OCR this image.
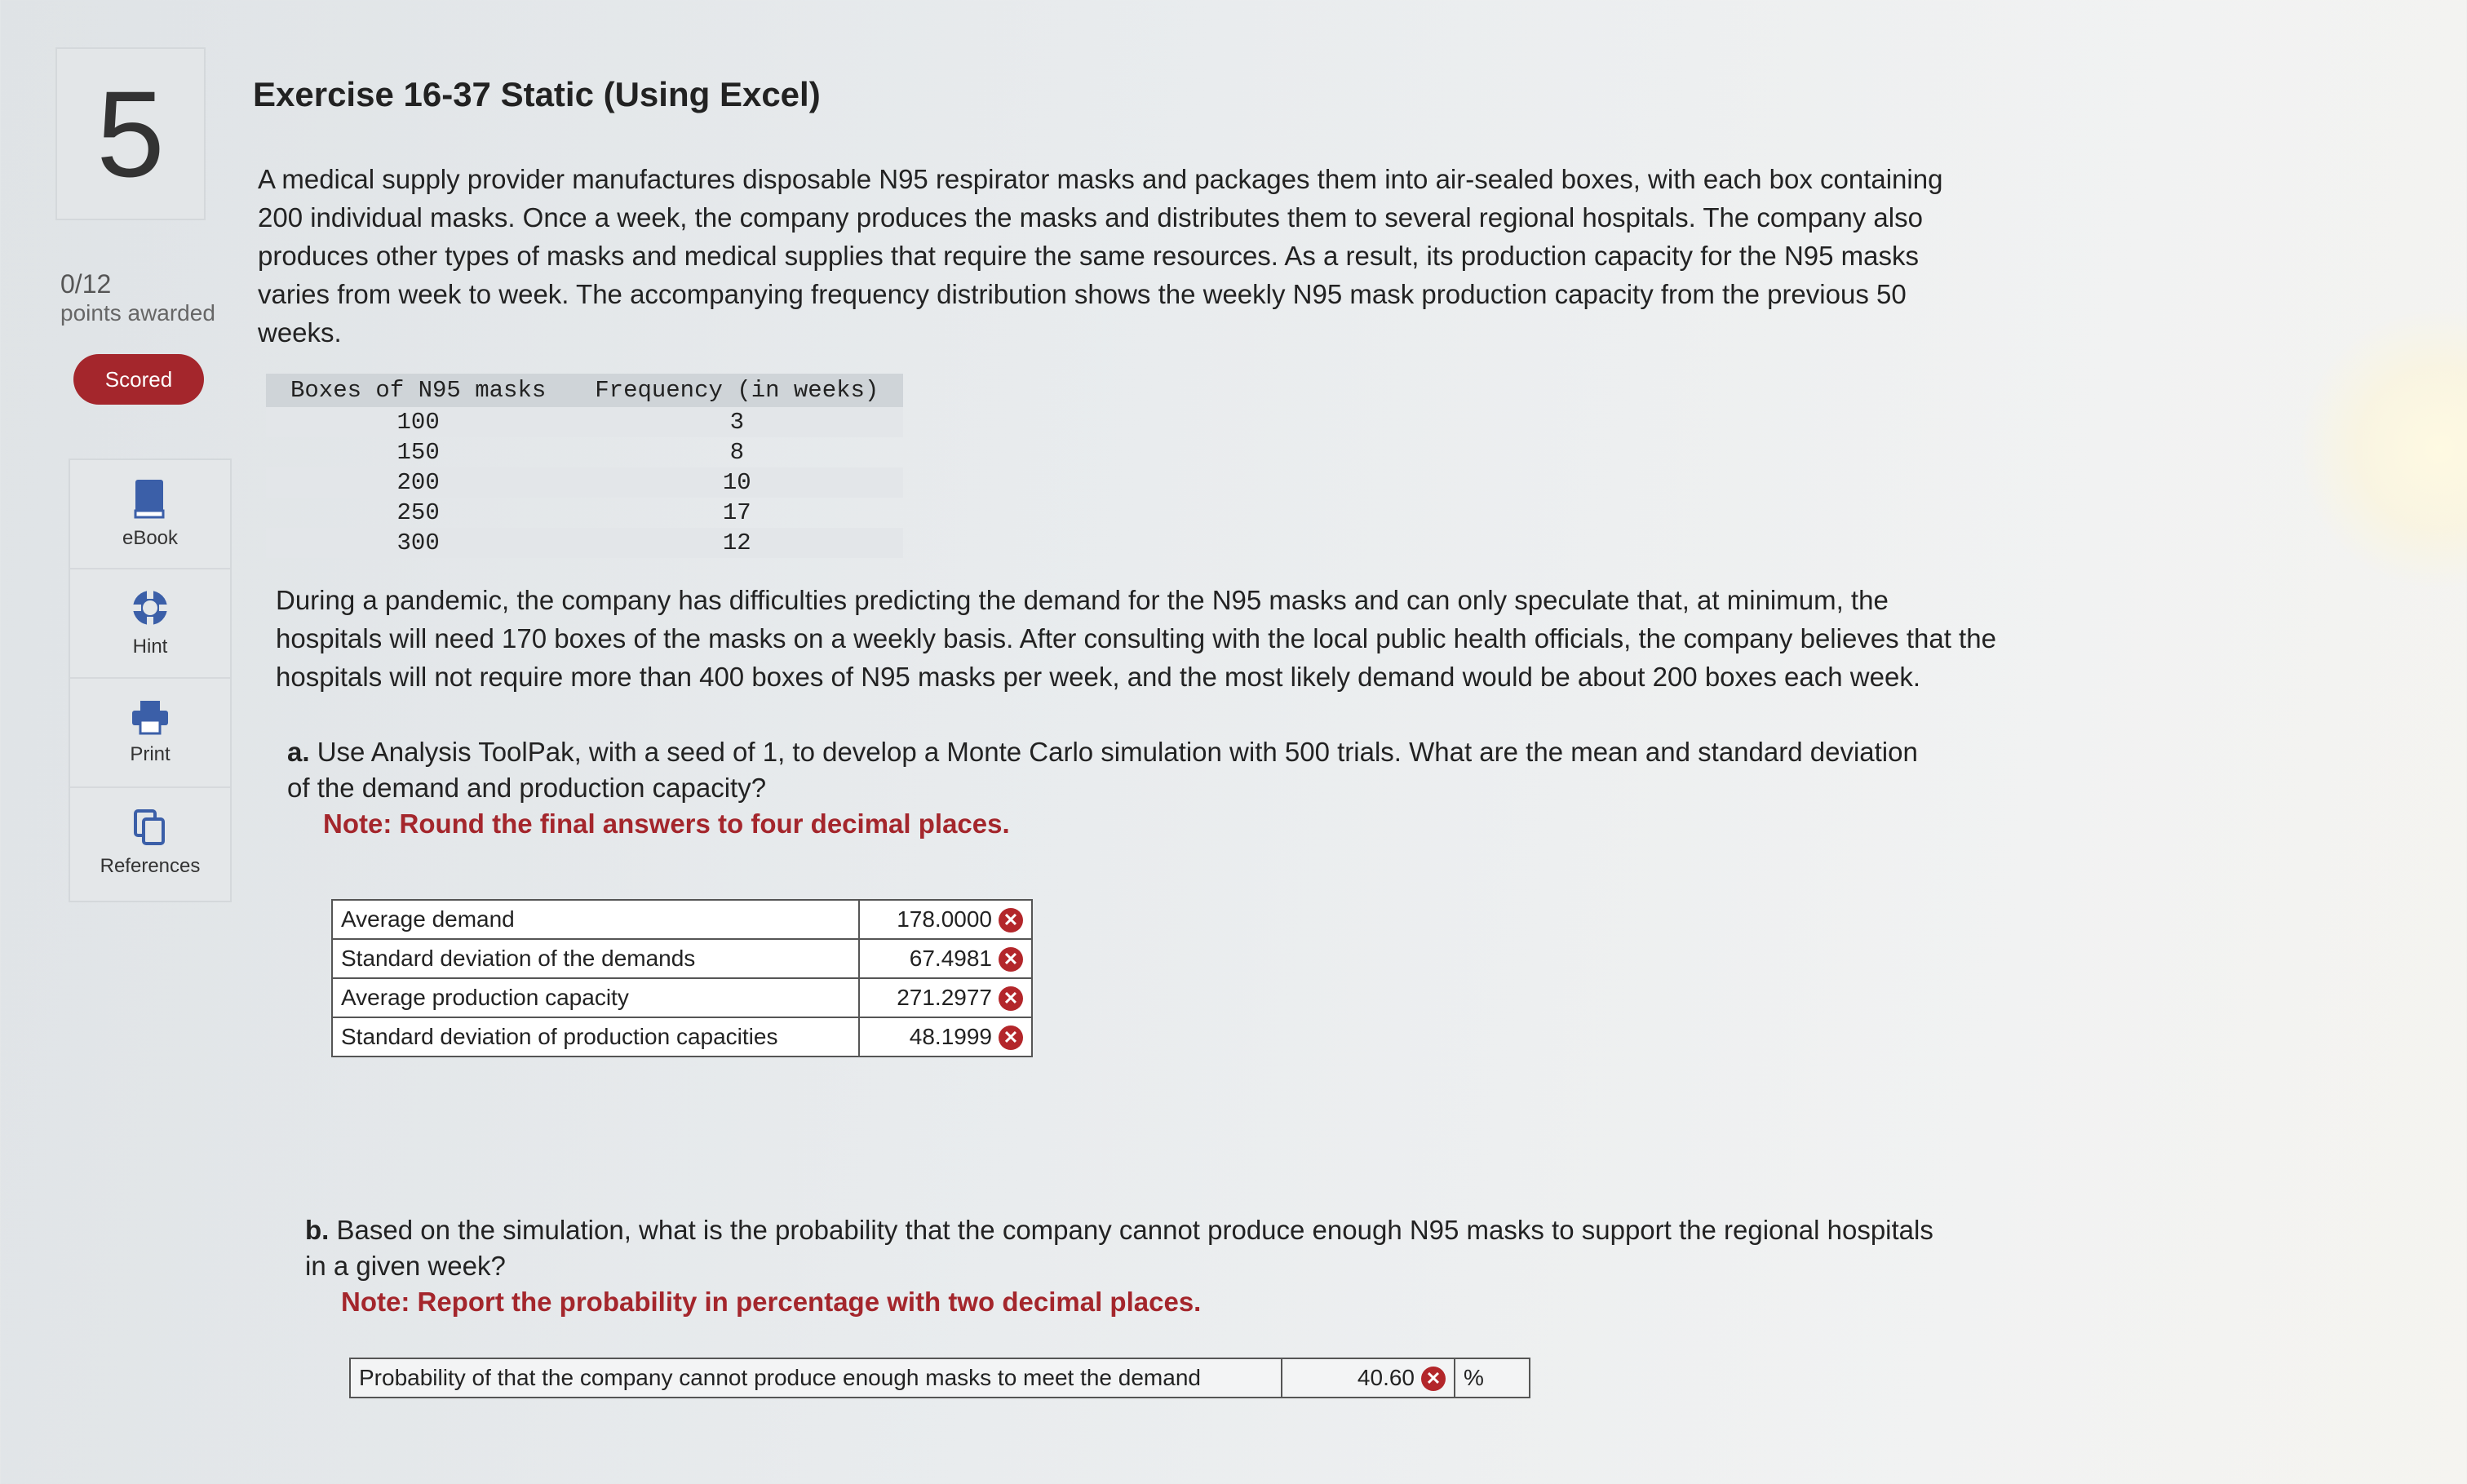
5
0/12
points awarded
Scored
eBook
Hint
Print
References
Exercise 16-37 Static (Using Excel)
A medical supply provider manufactures disposable N95 respirator masks and packages them into air-sealed boxes, with each box containing 200 individual masks. Once a week, the company produces the masks and distributes them to several regional hospitals. The company also produces other types of masks and medical supplies that require the same resources. As a result, its production capacity for the N95 masks varies from week to week. The accompanying frequency distribution shows the weekly N95 mask production capacity from the previous 50 weeks.
Boxes of N95 masks	Frequency (in weeks)
100	3
150	8
200	10
250	17
300	12
During a pandemic, the company has difficulties predicting the demand for the N95 masks and can only speculate that, at minimum, the hospitals will need 170 boxes of the masks on a weekly basis. After consulting with the local public health officials, the company believes that the hospitals will not require more than 400 boxes of N95 masks per week, and the most likely demand would be about 200 boxes each week.
a. Use Analysis ToolPak, with a seed of 1, to develop a Monte Carlo simulation with 500 trials. What are the mean and standard deviation of the demand and production capacity?
Note: Round the final answers to four decimal places.
Average demand	178.0000 ✕
Standard deviation of the demands	67.4981 ✕
Average production capacity	271.2977 ✕
Standard deviation of production capacities	48.1999 ✕
b. Based on the simulation, what is the probability that the company cannot produce enough N95 masks to support the regional hospitals in a given week?
Note: Report the probability in percentage with two decimal places.
Probability of that the company cannot produce enough masks to meet the demand	40.60 ✕	%
